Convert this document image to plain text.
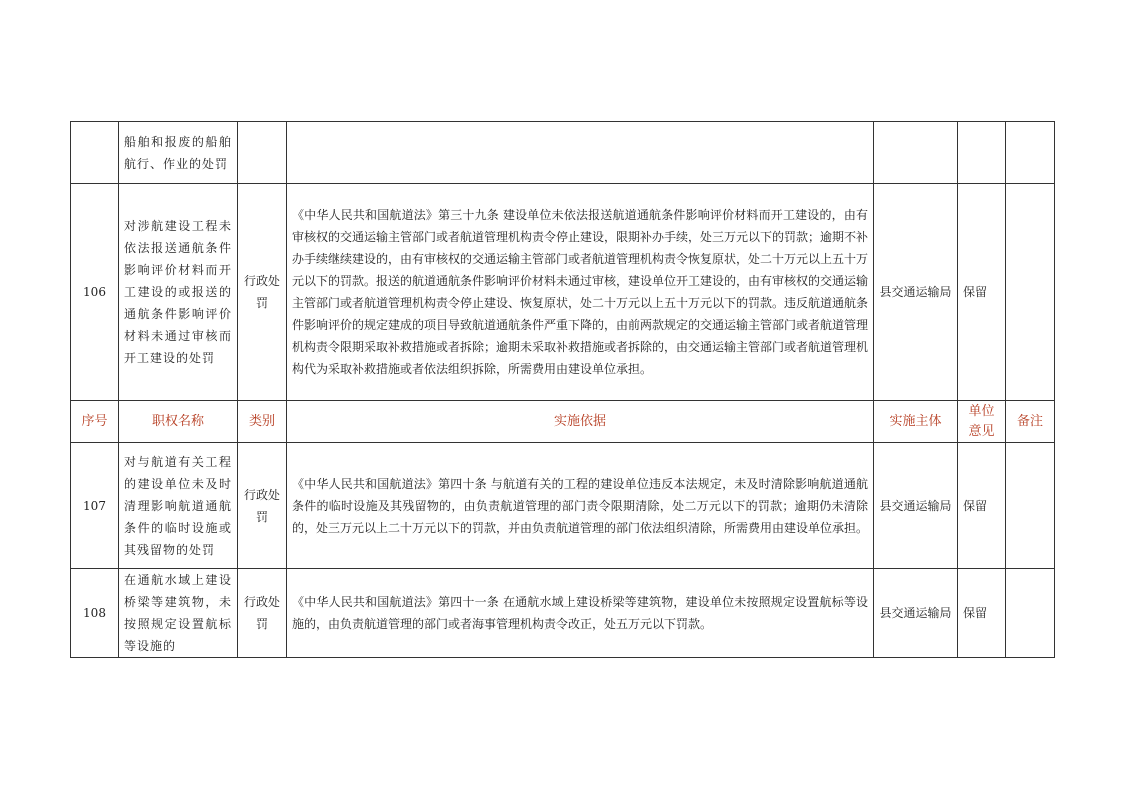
	船舶和报废的船舶航行、作业的处罚					
106	对涉航建设工程未依法报送通航条件影响评价材料而开工建设的或报送的通航条件影响评价材料未通过审核而开工建设的处罚	行政处罚	《中华人民共和国航道法》第三十九条 建设单位未依法报送航道通航条件影响评价材料而开工建设的，由有审核权的交通运输主管部门或者航道管理机构责令停止建设，限期补办手续，处三万元以下的罚款；逾期不补办手续继续建设的，由有审核权的交通运输主管部门或者航道管理机构责令恢复原状，处二十万元以上五十万元以下的罚款。报送的航道通航条件影响评价材料未通过审核，建设单位开工建设的，由有审核权的交通运输主管部门或者航道管理机构责令停止建设、恢复原状，处二十万元以上五十万元以下的罚款。违反航道通航条件影响评价的规定建成的项目导致航道通航条件严重下降的，由前两款规定的交通运输主管部门或者航道管理机构责令限期采取补救措施或者拆除；逾期未采取补救措施或者拆除的，由交通运输主管部门或者航道管理机构代为采取补救措施或者依法组织拆除，所需费用由建设单位承担。	县交通运输局	保留	
序号	职权名称	类别	实施依据	实施主体	单位意见	备注
107	对与航道有关工程的建设单位未及时清理影响航道通航条件的临时设施或其残留物的处罚	行政处罚	《中华人民共和国航道法》第四十条 与航道有关的工程的建设单位违反本法规定，未及时清除影响航道通航条件的临时设施及其残留物的，由负责航道管理的部门责令限期清除，处二万元以下的罚款；逾期仍未清除的，处三万元以上二十万元以下的罚款，并由负责航道管理的部门依法组织清除，所需费用由建设单位承担。	县交通运输局	保留	
108	在通航水域上建设桥梁等建筑物，未按照规定设置航标等设施的	行政处罚	《中华人民共和国航道法》第四十一条 在通航水域上建设桥梁等建筑物，建设单位未按照规定设置航标等设施的，由负责航道管理的部门或者海事管理机构责令改正，处五万元以下罚款。	县交通运输局	保留	
